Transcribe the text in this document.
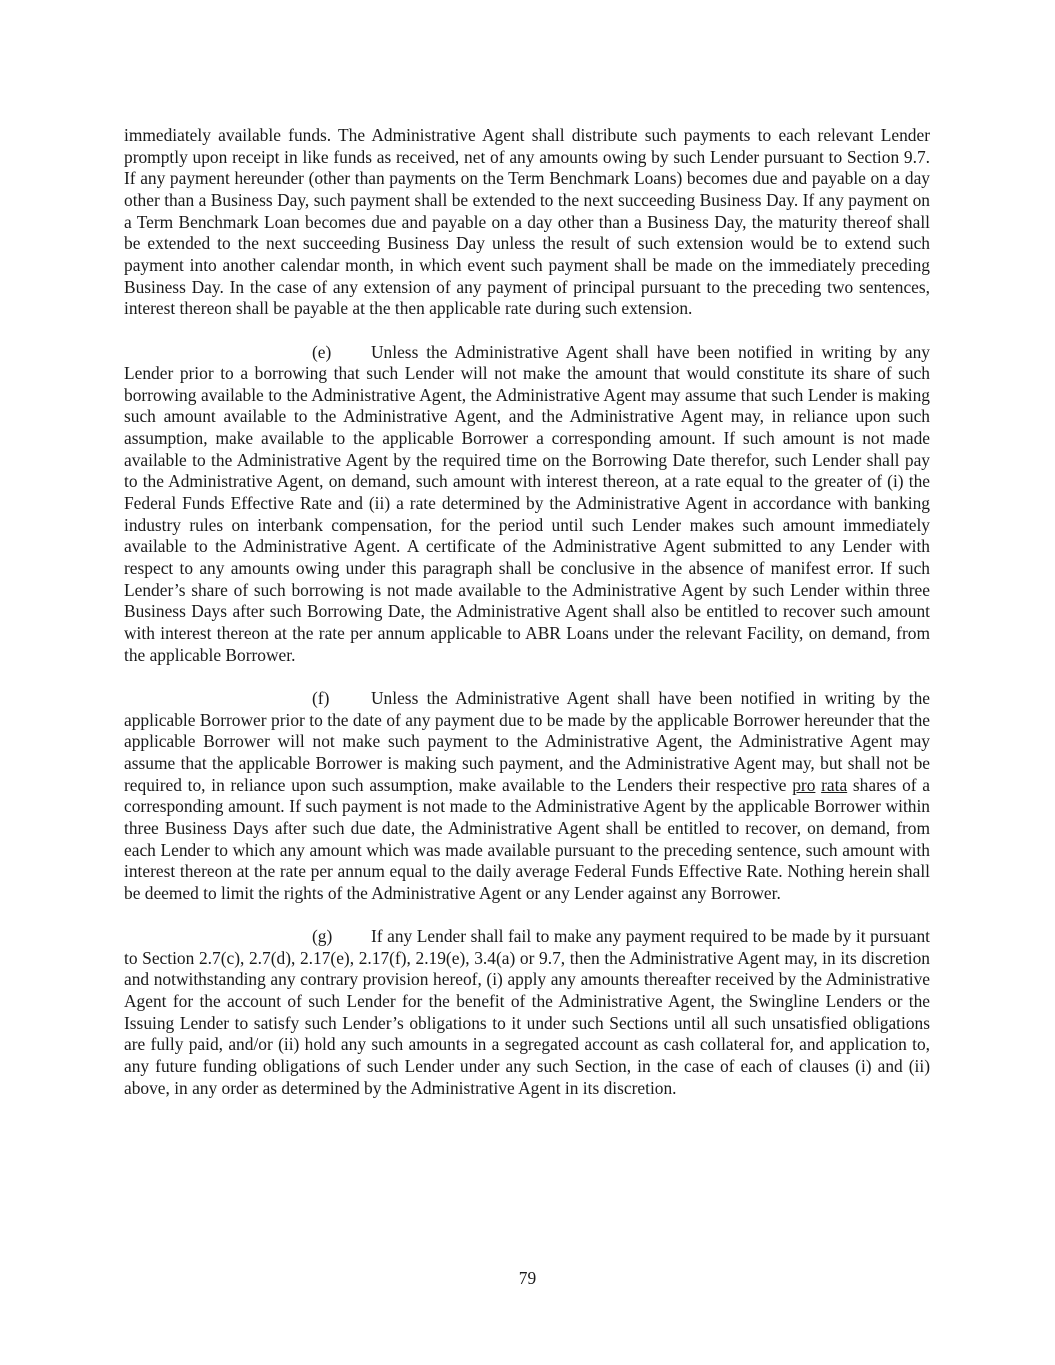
immediately available funds. The Administrative Agent shall distribute such payments to each relevant Lender promptly upon receipt in like funds as received, net of any amounts owing by such Lender pursuant to Section 9.7. If any payment hereunder (other than payments on the Term Benchmark Loans) becomes due and payable on a day other than a Business Day, such payment shall be extended to the next succeeding Business Day. If any payment on a Term Benchmark Loan becomes due and payable on a day other than a Business Day, the maturity thereof shall be extended to the next succeeding Business Day unless the result of such extension would be to extend such payment into another calendar month, in which event such payment shall be made on the immediately preceding Business Day. In the case of any extension of any payment of principal pursuant to the preceding two sentences, interest thereon shall be payable at the then applicable rate during such extension.

(e) Unless the Administrative Agent shall have been notified in writing by any Lender prior to a borrowing that such Lender will not make the amount that would constitute its share of such borrowing available to the Administrative Agent, the Administrative Agent may assume that such Lender is making such amount available to the Administrative Agent, and the Administrative Agent may, in reliance upon such assumption, make available to the applicable Borrower a corresponding amount. If such amount is not made available to the Administrative Agent by the required time on the Borrowing Date therefor, such Lender shall pay to the Administrative Agent, on demand, such amount with interest thereon, at a rate equal to the greater of (i) the Federal Funds Effective Rate and (ii) a rate determined by the Administrative Agent in accordance with banking industry rules on interbank compensation, for the period until such Lender makes such amount immediately available to the Administrative Agent. A certificate of the Administrative Agent submitted to any Lender with respect to any amounts owing under this paragraph shall be conclusive in the absence of manifest error. If such Lender’s share of such borrowing is not made available to the Administrative Agent by such Lender within three Business Days after such Borrowing Date, the Administrative Agent shall also be entitled to recover such amount with interest thereon at the rate per annum applicable to ABR Loans under the relevant Facility, on demand, from the applicable Borrower.

(f) Unless the Administrative Agent shall have been notified in writing by the applicable Borrower prior to the date of any payment due to be made by the applicable Borrower hereunder that the applicable Borrower will not make such payment to the Administrative Agent, the Administrative Agent may assume that the applicable Borrower is making such payment, and the Administrative Agent may, but shall not be required to, in reliance upon such assumption, make available to the Lenders their respective pro rata shares of a corresponding amount. If such payment is not made to the Administrative Agent by the applicable Borrower within three Business Days after such due date, the Administrative Agent shall be entitled to recover, on demand, from each Lender to which any amount which was made available pursuant to the preceding sentence, such amount with interest thereon at the rate per annum equal to the daily average Federal Funds Effective Rate. Nothing herein shall be deemed to limit the rights of the Administrative Agent or any Lender against any Borrower.

(g) If any Lender shall fail to make any payment required to be made by it pursuant to Section 2.7(c), 2.7(d), 2.17(e), 2.17(f), 2.19(e), 3.4(a) or 9.7, then the Administrative Agent may, in its discretion and notwithstanding any contrary provision hereof, (i) apply any amounts thereafter received by the Administrative Agent for the account of such Lender for the benefit of the Administrative Agent, the Swingline Lenders or the Issuing Lender to satisfy such Lender’s obligations to it under such Sections until all such unsatisfied obligations are fully paid, and/or (ii) hold any such amounts in a segregated account as cash collateral for, and application to, any future funding obligations of such Lender under any such Section, in the case of each of clauses (i) and (ii) above, in any order as determined by the Administrative Agent in its discretion.

79
